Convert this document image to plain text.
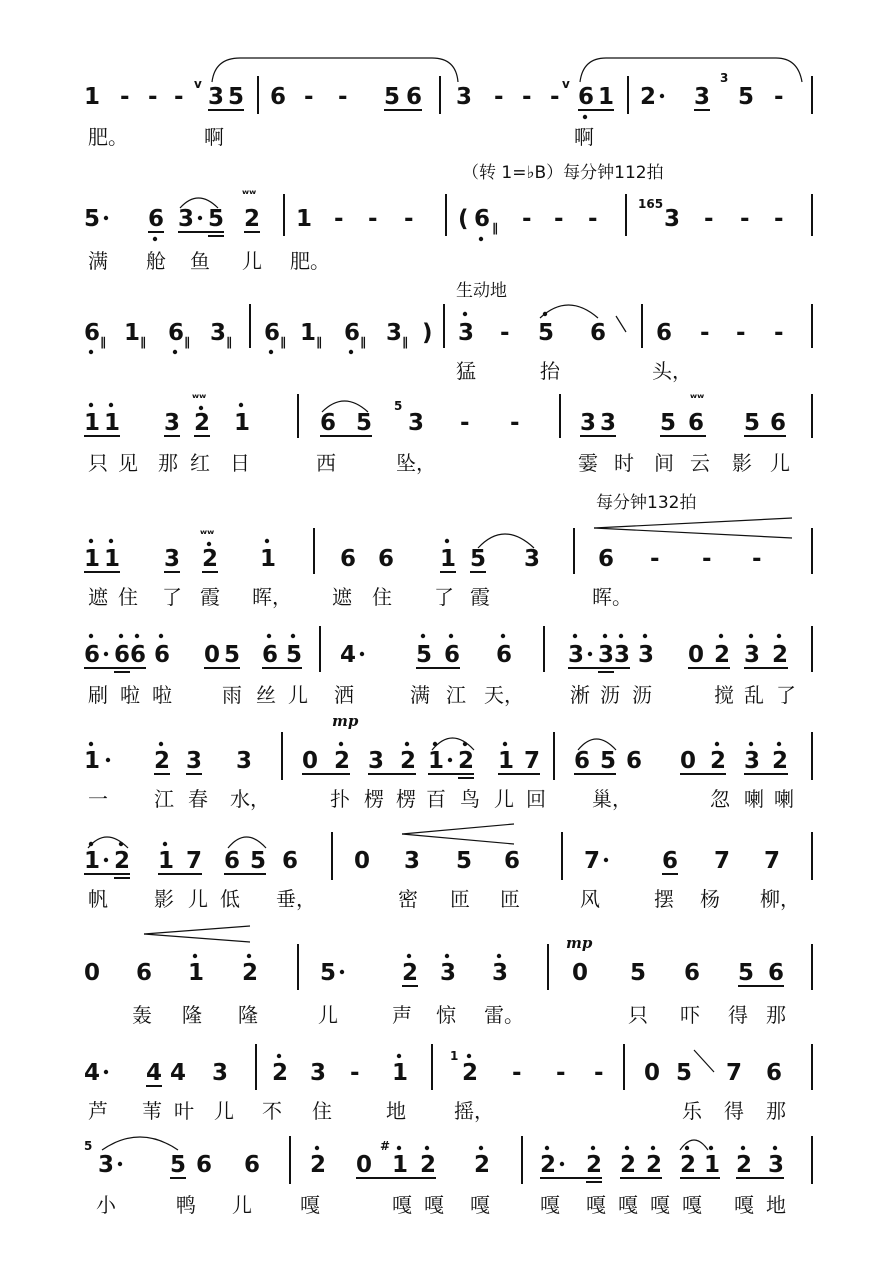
1 - - - v 3 5 6 - - 5 6 3 - - - v 6 1 2 3
3
5 -
肥。	啊	啊
（转 1=♭B）每分钟112拍
5 6 3 5
ʷʷ
2 1 - - - ( 6 ∥ - - -
165
3 - - -
满 舱 鱼 儿 肥。
生动地
6 ∥ 1 ∥ 6 ∥ 3 ∥ 6 ∥ 1 ∥ 6 ∥ 3 ∥ ) 3 - 5 6 6 - - -
猛	抬	头，
1 1 3
ʷʷ
2 1	6 5
5
3 - -	3 3 5
ʷʷ
6 5 6
只 见 那 红 日	西	坠，	霎 时 间 云 影 儿
每分钟132拍
1 1 3
ʷʷ
2 1	6 6 1 5 3	6 - - -
遮 住 了 霞 晖， 遮 住 了 霞	晖。
6 6 6 6 0 5 6 5 4	5 6 6 3 3 3 3 0 2 3 2
刷 啦 啦	雨 丝 儿 洒	满 江 天， 淅 沥 沥	搅 乱 了
mp
1 2 3 3 0 2 3 2 1 2 1 7 6 5 6 0 2 3 2
一 江 春 水，	扑 楞 楞 百 鸟 儿 回 巢，	忽 喇 喇
1 2 1 7 6 5 6 0 3 5 6	7	6 7 7
帆 影 儿 低 垂，	密 匝 匝	风	摆 杨 柳，
mp
0 6 1 2	5	2 3 3	0 5 6 5 6
轰 隆 隆	儿	声 惊 雷。	只 吓 得 那
4 4 4 3 2 3 - 1
1
2 - - - 0 5 7 6
芦 苇 叶 儿 不 住	地 摇，	乐 得 那
5
3 5 6 6 2 0
#
1 2 2 2 2 2 2 2 1 2 3
小	鸭 儿 嘎	嘎 嘎 嘎	嘎 嘎 嘎 嘎 嘎 嘎 地
